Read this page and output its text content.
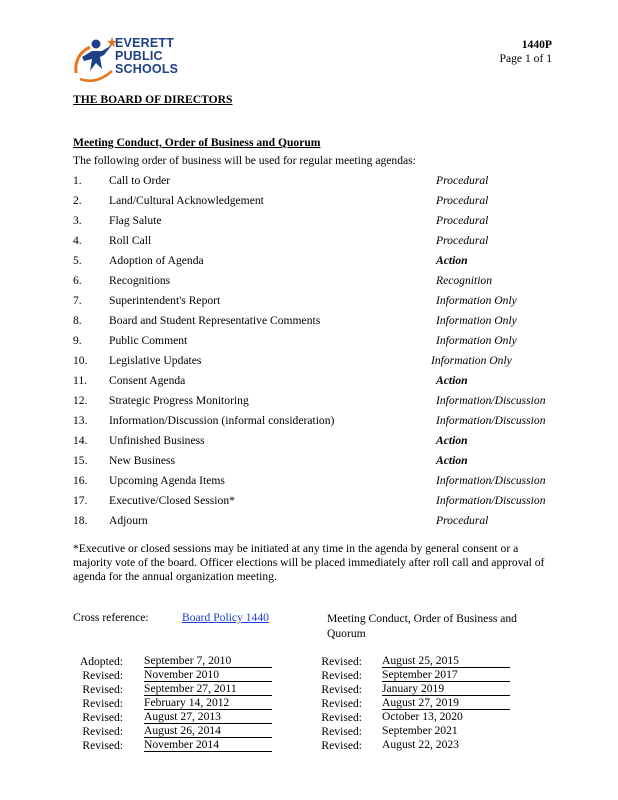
EVERETT
PUBLIC
SCHOOLS
1440P
Page 1 of 1
THE BOARD OF DIRECTORS
Meeting Conduct, Order of Business and Quorum
The following order of business will be used for regular meeting agendas:
1. Call to Order	Procedural
2. Land/Cultural Acknowledgement	Procedural
3. Flag Salute	Procedural
4. Roll Call	Procedural
5. Adoption of Agenda	Action
6. Recognitions	Recognition
7. Superintendent's Report	Information Only
8. Board and Student Representative Comments	Information Only
9. Public Comment	Information Only
10. Legislative Updates	Information Only
11. Consent Agenda	Action
12. Strategic Progress Monitoring	Information/Discussion
13. Information/Discussion (informal consideration)	Information/Discussion
14. Unfinished Business	Action
15. New Business	Action
16. Upcoming Agenda Items	Information/Discussion
17. Executive/Closed Session*	Information/Discussion
18. Adjourn	Procedural
*Executive or closed sessions may be initiated at any time in the agenda by general consent or a majority vote of the board. Officer elections will be placed immediately after roll call and approval of agenda for the annual organization meeting.
Cross reference:	Board Policy 1440	Meeting Conduct, Order of Business and Quorum
Adopted: September 7, 2010
Revised: November 2010
Revised: September 27, 2011
Revised: February 14, 2012
Revised: August 27, 2013
Revised: August 26, 2014
Revised: November 2014
Revised: August 25, 2015
Revised: September 2017
Revised: January 2019
Revised: August 27, 2019
Revised: October 13, 2020
Revised: September 2021
Revised: August 22, 2023
